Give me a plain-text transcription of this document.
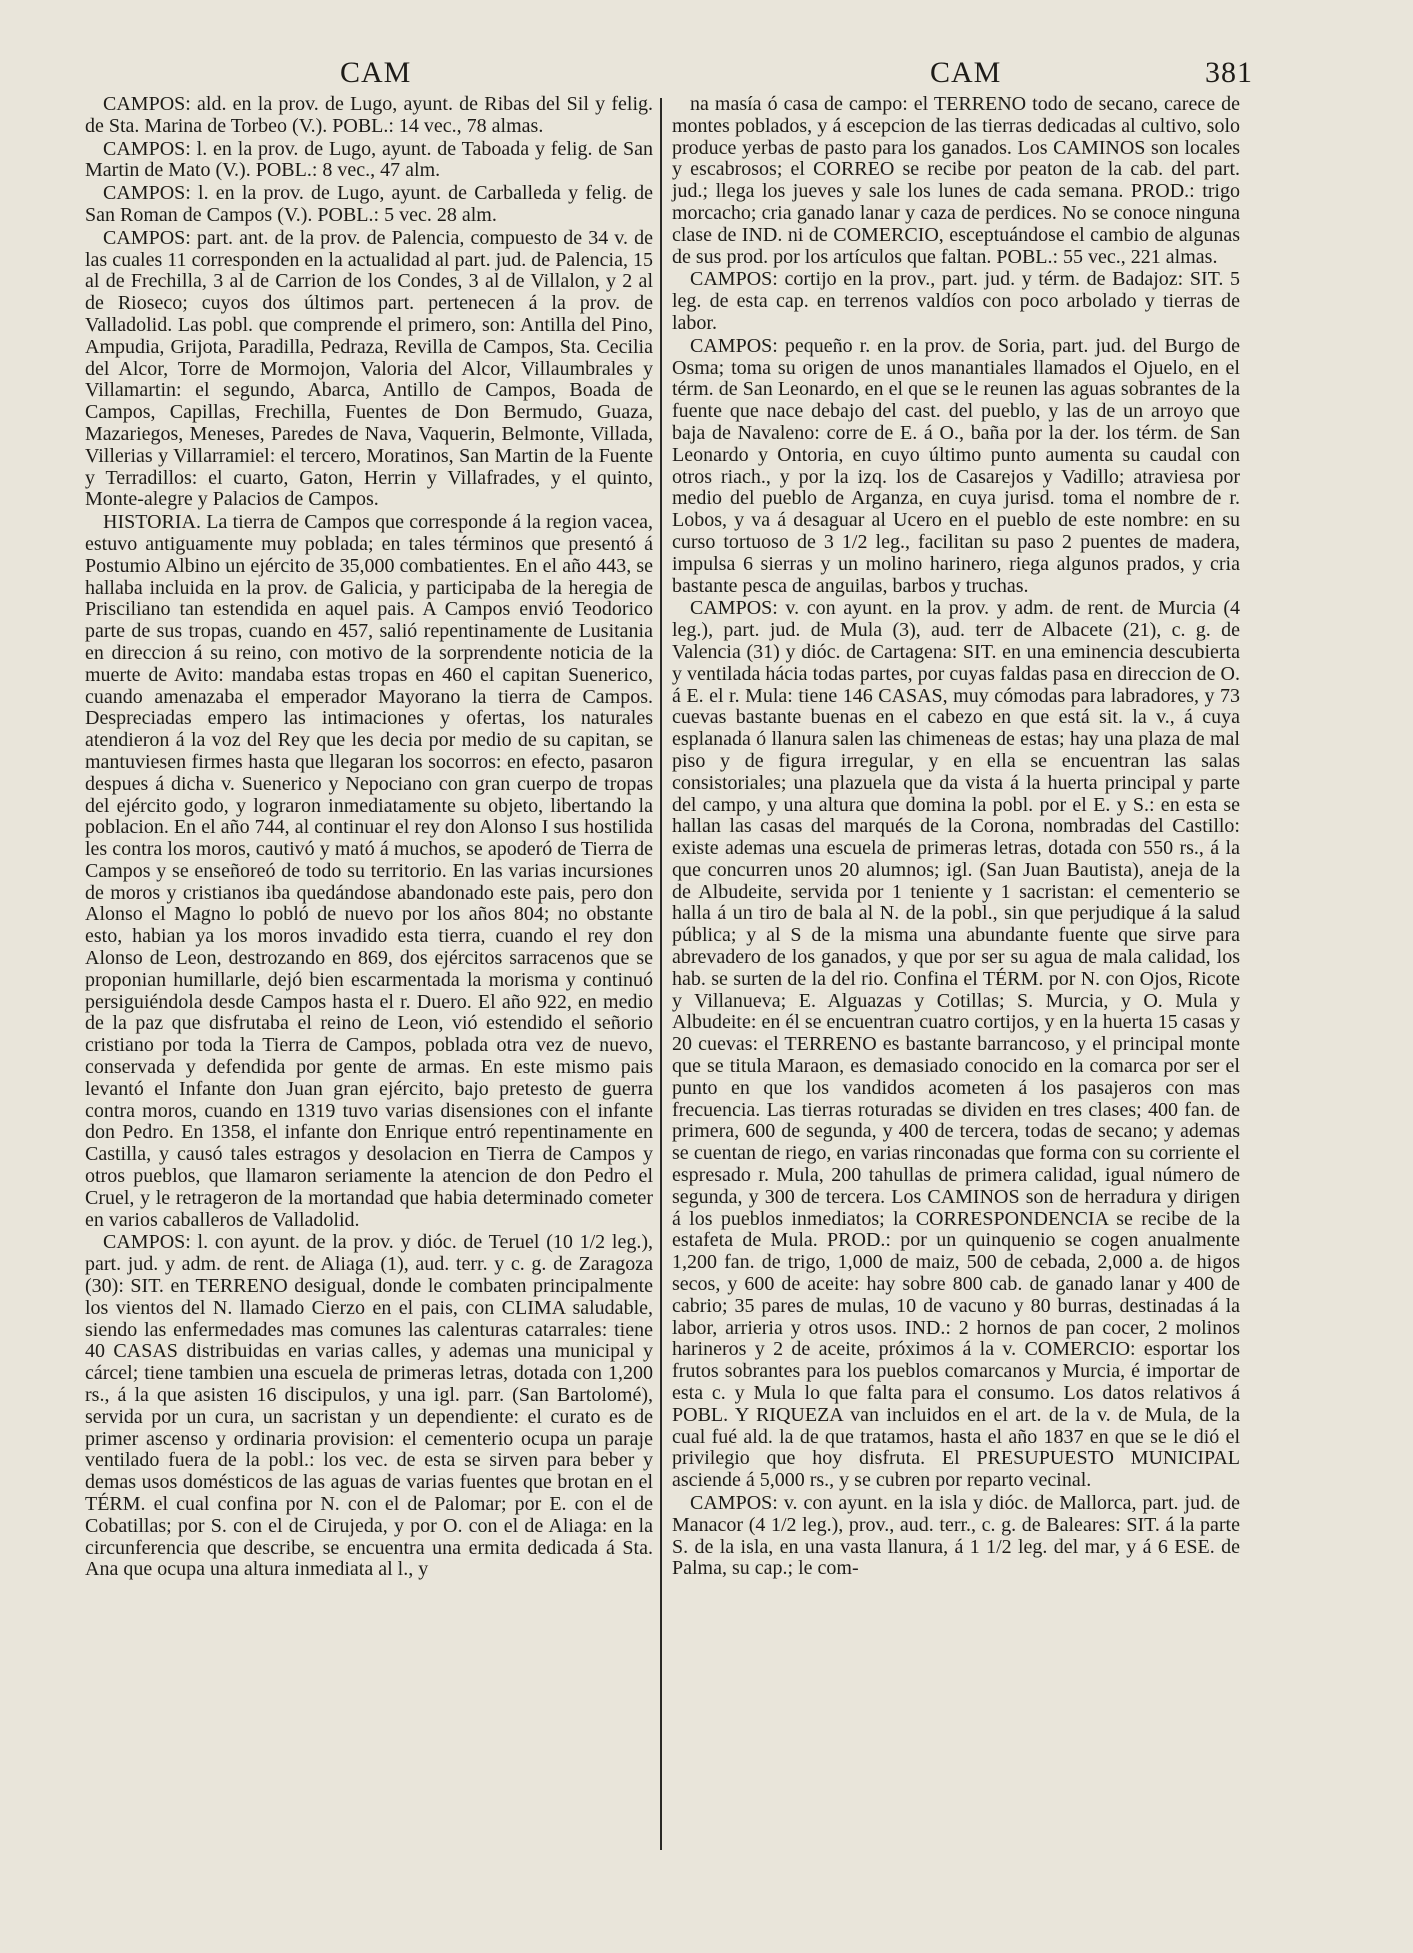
CAM	CAM	381

CAMPOS: ald. en la prov. de Lugo, ayunt. de Ribas del Sil y felig. de Sta. Marina de Torbeo (V.). POBL.: 14 vec., 78 almas.

CAMPOS: l. en la prov. de Lugo, ayunt. de Taboada y felig. de San Martin de Mato (V.). POBL.: 8 vec., 47 alm.

CAMPOS: l. en la prov. de Lugo, ayunt. de Carballeda y felig. de San Roman de Campos (V.). POBL.: 5 vec. 28 alm.

CAMPOS: part. ant. de la prov. de Palencia, compuesto de 34 v. de las cuales 11 corresponden en la actualidad al part. jud. de Palencia, 15 al de Frechilla, 3 al de Carrion de los Condes, 3 al de Villalon, y 2 al de Rioseco; cuyos dos últimos part. pertenecen á la prov. de Valladolid. Las pobl. que comprende el primero, son: Antilla del Pino, Ampudia, Grijota, Paradilla, Pedraza, Revilla de Campos, Sta. Cecilia del Alcor, Torre de Mormojon, Valoria del Alcor, Villaumbrales y Villamartin: el segundo, Abarca, Antillo de Campos, Boada de Campos, Capillas, Frechilla, Fuentes de Don Bermudo, Guaza, Mazariegos, Meneses, Paredes de Nava, Vaquerin, Belmonte, Villada, Villerias y Villarramiel: el tercero, Moratinos, San Martin de la Fuente y Terradillos: el cuarto, Gaton, Herrin y Villafrades, y el quinto, Monte-alegre y Palacios de Campos.

HISTORIA. La tierra de Campos que corresponde á la region vacea, estuvo antiguamente muy poblada; en tales términos que presentó á Postumio Albino un ejército de 35,000 combatientes. En el año 443, se hallaba incluida en la prov. de Galicia, y participaba de la heregia de Prisciliano tan estendida en aquel pais. A Campos envió Teodorico parte de sus tropas, cuando en 457, salió repentinamente de Lusitania en direccion á su reino, con motivo de la sorprendente noticia de la muerte de Avito: mandaba estas tropas en 460 el capitan Suenerico, cuando amenazaba el emperador Mayorano la tierra de Campos. Despreciadas empero las intimaciones y ofertas, los naturales atendieron á la voz del Rey que les decia por medio de su capitan, se mantuviesen firmes hasta que llegaran los socorros: en efecto, pasaron despues á dicha v. Suenerico y Nepociano con gran cuerpo de tropas del ejército godo, y lograron inmediatamente su objeto, libertando la poblacion. En el año 744, al continuar el rey don Alonso I sus hostilida les contra los moros, cautivó y mató á muchos, se apoderó de Tierra de Campos y se enseñoreó de todo su territorio. En las varias incursiones de moros y cristianos iba quedándose abandonado este pais, pero don Alonso el Magno lo pobló de nuevo por los años 804; no obstante esto, habian ya los moros invadido esta tierra, cuando el rey don Alonso de Leon, destrozando en 869, dos ejércitos sarracenos que se proponian humillarle, dejó bien escarmentada la morisma y continuó persiguiéndola desde Campos hasta el r. Duero. El año 922, en medio de la paz que disfrutaba el reino de Leon, vió estendido el señorio cristiano por toda la Tierra de Campos, poblada otra vez de nuevo, conservada y defendida por gente de armas. En este mismo pais levantó el Infante don Juan gran ejército, bajo pretesto de guerra contra moros, cuando en 1319 tuvo varias disensiones con el infante don Pedro. En 1358, el infante don Enrique entró repentinamente en Castilla, y causó tales estragos y desolacion en Tierra de Campos y otros pueblos, que llamaron seriamente la atencion de don Pedro el Cruel, y le retrageron de la mortandad que habia determinado cometer en varios caballeros de Valladolid.

CAMPOS: l. con ayunt. de la prov. y dióc. de Teruel (10 1/2 leg.), part. jud. y adm. de rent. de Aliaga (1), aud. terr. y c. g. de Zaragoza (30): SIT. en TERRENO desigual, donde le combaten principalmente los vientos del N. llamado Cierzo en el pais, con CLIMA saludable, siendo las enfermedades mas comunes las calenturas catarrales: tiene 40 CASAS distribuidas en varias calles, y ademas una municipal y cárcel; tiene tambien una escuela de primeras letras, dotada con 1,200 rs., á la que asisten 16 discipulos, y una igl. parr. (San Bartolomé), servida por un cura, un sacristan y un dependiente: el curato es de primer ascenso y ordinaria provision: el cementerio ocupa un paraje ventilado fuera de la pobl.: los vec. de esta se sirven para beber y demas usos domésticos de las aguas de varias fuentes que brotan en el TÉRM. el cual confina por N. con el de Palomar; por E. con el de Cobatillas; por S. con el de Cirujeda, y por O. con el de Aliaga: en la circunferencia que describe, se encuentra una ermita dedicada á Sta. Ana que ocupa una altura inmediata al l., y

na masía ó casa de campo: el TERRENO todo de secano, carece de montes poblados, y á escepcion de las tierras dedicadas al cultivo, solo produce yerbas de pasto para los ganados. Los CAMINOS son locales y escabrosos; el CORREO se recibe por peaton de la cab. del part. jud.; llega los jueves y sale los lunes de cada semana. PROD.: trigo morcacho; cria ganado lanar y caza de perdices. No se conoce ninguna clase de IND. ni de COMERCIO, esceptuándose el cambio de algunas de sus prod. por los artículos que faltan. POBL.: 55 vec., 221 almas.

CAMPOS: cortijo en la prov., part. jud. y térm. de Badajoz: SIT. 5 leg. de esta cap. en terrenos valdíos con poco arbolado y tierras de labor.

CAMPOS: pequeño r. en la prov. de Soria, part. jud. del Burgo de Osma; toma su origen de unos manantiales llamados el Ojuelo, en el térm. de San Leonardo, en el que se le reunen las aguas sobrantes de la fuente que nace debajo del cast. del pueblo, y las de un arroyo que baja de Navaleno: corre de E. á O., baña por la der. los térm. de San Leonardo y Ontoria, en cuyo último punto aumenta su caudal con otros riach., y por la izq. los de Casarejos y Vadillo; atraviesa por medio del pueblo de Arganza, en cuya jurisd. toma el nombre de r. Lobos, y va á desaguar al Ucero en el pueblo de este nombre: en su curso tortuoso de 3 1/2 leg., facilitan su paso 2 puentes de madera, impulsa 6 sierras y un molino harinero, riega algunos prados, y cria bastante pesca de anguilas, barbos y truchas.

CAMPOS: v. con ayunt. en la prov. y adm. de rent. de Murcia (4 leg.), part. jud. de Mula (3), aud. terr de Albacete (21), c. g. de Valencia (31) y dióc. de Cartagena: SIT. en una eminencia descubierta y ventilada hácia todas partes, por cuyas faldas pasa en direccion de O. á E. el r. Mula: tiene 146 CASAS, muy cómodas para labradores, y 73 cuevas bastante buenas en el cabezo en que está sit. la v., á cuya esplanada ó llanura salen las chimeneas de estas; hay una plaza de mal piso y de figura irregular, y en ella se encuentran las salas consistoriales; una plazuela que da vista á la huerta principal y parte del campo, y una altura que domina la pobl. por el E. y S.: en esta se hallan las casas del marqués de la Corona, nombradas del Castillo: existe ademas una escuela de primeras letras, dotada con 550 rs., á la que concurren unos 20 alumnos; igl. (San Juan Bautista), aneja de la de Albudeite, servida por 1 teniente y 1 sacristan: el cementerio se halla á un tiro de bala al N. de la pobl., sin que perjudique á la salud pública; y al S de la misma una abundante fuente que sirve para abrevadero de los ganados, y que por ser su agua de mala calidad, los hab. se surten de la del rio. Confina el TÉRM. por N. con Ojos, Ricote y Villanueva; E. Alguazas y Cotillas; S. Murcia, y O. Mula y Albudeite: en él se encuentran cuatro cortijos, y en la huerta 15 casas y 20 cuevas: el TERRENO es bastante barrancoso, y el principal monte que se titula Maraon, es demasiado conocido en la comarca por ser el punto en que los vandidos acometen á los pasajeros con mas frecuencia. Las tierras roturadas se dividen en tres clases; 400 fan. de primera, 600 de segunda, y 400 de tercera, todas de secano; y ademas se cuentan de riego, en varias rinconadas que forma con su corriente el espresado r. Mula, 200 tahullas de primera calidad, igual número de segunda, y 300 de tercera. Los CAMINOS son de herradura y dirigen á los pueblos inmediatos; la CORRESPONDENCIA se recibe de la estafeta de Mula. PROD.: por un quinquenio se cogen anualmente 1,200 fan. de trigo, 1,000 de maiz, 500 de cebada, 2,000 a. de higos secos, y 600 de aceite: hay sobre 800 cab. de ganado lanar y 400 de cabrio; 35 pares de mulas, 10 de vacuno y 80 burras, destinadas á la labor, arrieria y otros usos. IND.: 2 hornos de pan cocer, 2 molinos harineros y 2 de aceite, próximos á la v. COMERCIO: esportar los frutos sobrantes para los pueblos comarcanos y Murcia, é importar de esta c. y Mula lo que falta para el consumo. Los datos relativos á POBL. Y RIQUEZA van incluidos en el art. de la v. de Mula, de la cual fué ald. la de que tratamos, hasta el año 1837 en que se le dió el privilegio que hoy disfruta. El PRESUPUESTO MUNICIPAL asciende á 5,000 rs., y se cubren por reparto vecinal.

CAMPOS: v. con ayunt. en la isla y dióc. de Mallorca, part. jud. de Manacor (4 1/2 leg.), prov., aud. terr., c. g. de Baleares: SIT. á la parte S. de la isla, en una vasta llanura, á 1 1/2 leg. del mar, y á 6 ESE. de Palma, su cap.; le com-
